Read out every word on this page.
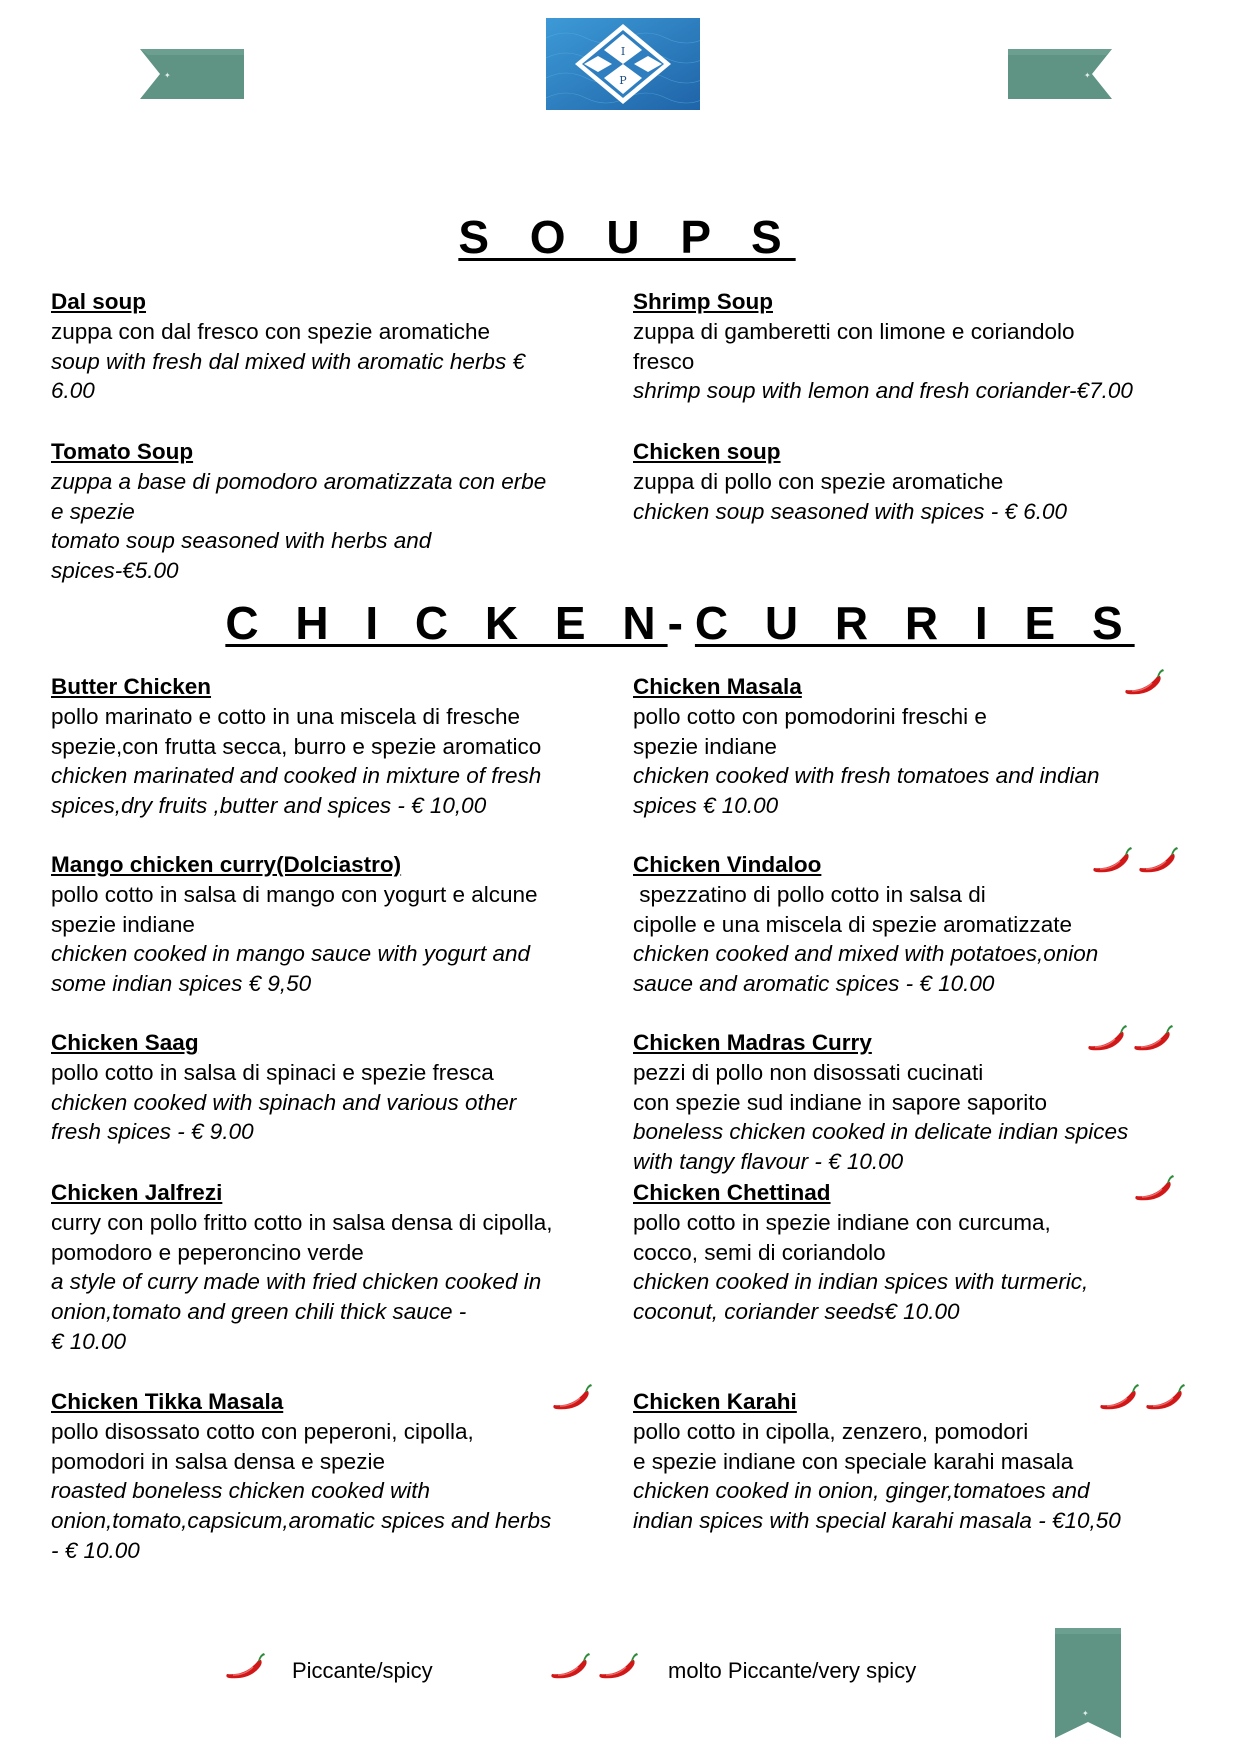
✦	✦
I
P
S O U P S
Dal soup
zuppa con dal fresco con spezie aromatiche
soup with fresh dal mixed with aromatic herbs €
6.00
Shrimp Soup
zuppa di gamberetti con limone e coriandolo
fresco
shrimp soup with lemon and fresh coriander-€7.00
Tomato Soup
zuppa a base di pomodoro aromatizzata con erbe
e spezie
tomato soup seasoned with herbs and
spices-€5.00
Chicken soup
zuppa di pollo con spezie aromatiche
chicken soup seasoned with spices - € 6.00
C H I C K E N-C U R R I E S
Butter Chicken
pollo marinato e cotto in una miscela di fresche
spezie,con frutta secca, burro e spezie aromatico
chicken marinated and cooked in mixture of fresh
spices,dry fruits ,butter and spices - € 10,00
Chicken Masala
pollo cotto con pomodorini freschi e
spezie indiane
chicken cooked with fresh tomatoes and indian
spices € 10.00
Mango chicken curry(Dolciastro)
pollo cotto in salsa di mango con yogurt e alcune
spezie indiane
chicken cooked in mango sauce with yogurt and
some indian spices € 9,50
Chicken Vindaloo
spezzatino di pollo cotto in salsa di
cipolle e una miscela di spezie aromatizzate
chicken cooked and mixed with potatoes,onion
sauce and aromatic spices - € 10.00
Chicken Saag
pollo cotto in salsa di spinaci e spezie fresca
chicken cooked with spinach and various other
fresh spices - € 9.00
Chicken Madras Curry
pezzi di pollo non disossati cucinati
con spezie sud indiane in sapore saporito
boneless chicken cooked in delicate indian spices
with tangy flavour - € 10.00
Chicken Jalfrezi
curry con pollo fritto cotto in salsa densa di cipolla,
pomodoro e peperoncino verde
a style of curry made with fried chicken cooked in
onion,tomato and green chili thick sauce -
€ 10.00
Chicken Chettinad
pollo cotto in spezie indiane con curcuma,
cocco, semi di coriandolo
chicken cooked in indian spices with turmeric,
coconut, coriander seeds€ 10.00
Chicken Tikka Masala
pollo disossato cotto con peperoni, cipolla,
pomodori in salsa densa e spezie
roasted boneless chicken cooked with
onion,tomato,capsicum,aromatic spices and herbs
- € 10.00
Chicken Karahi
pollo cotto in cipolla, zenzero, pomodori
e spezie indiane con speciale karahi masala
chicken cooked in onion, ginger,tomatoes and
indian spices with special karahi masala - €10,50
Piccante/spicy	molto Piccante/very spicy
✦
